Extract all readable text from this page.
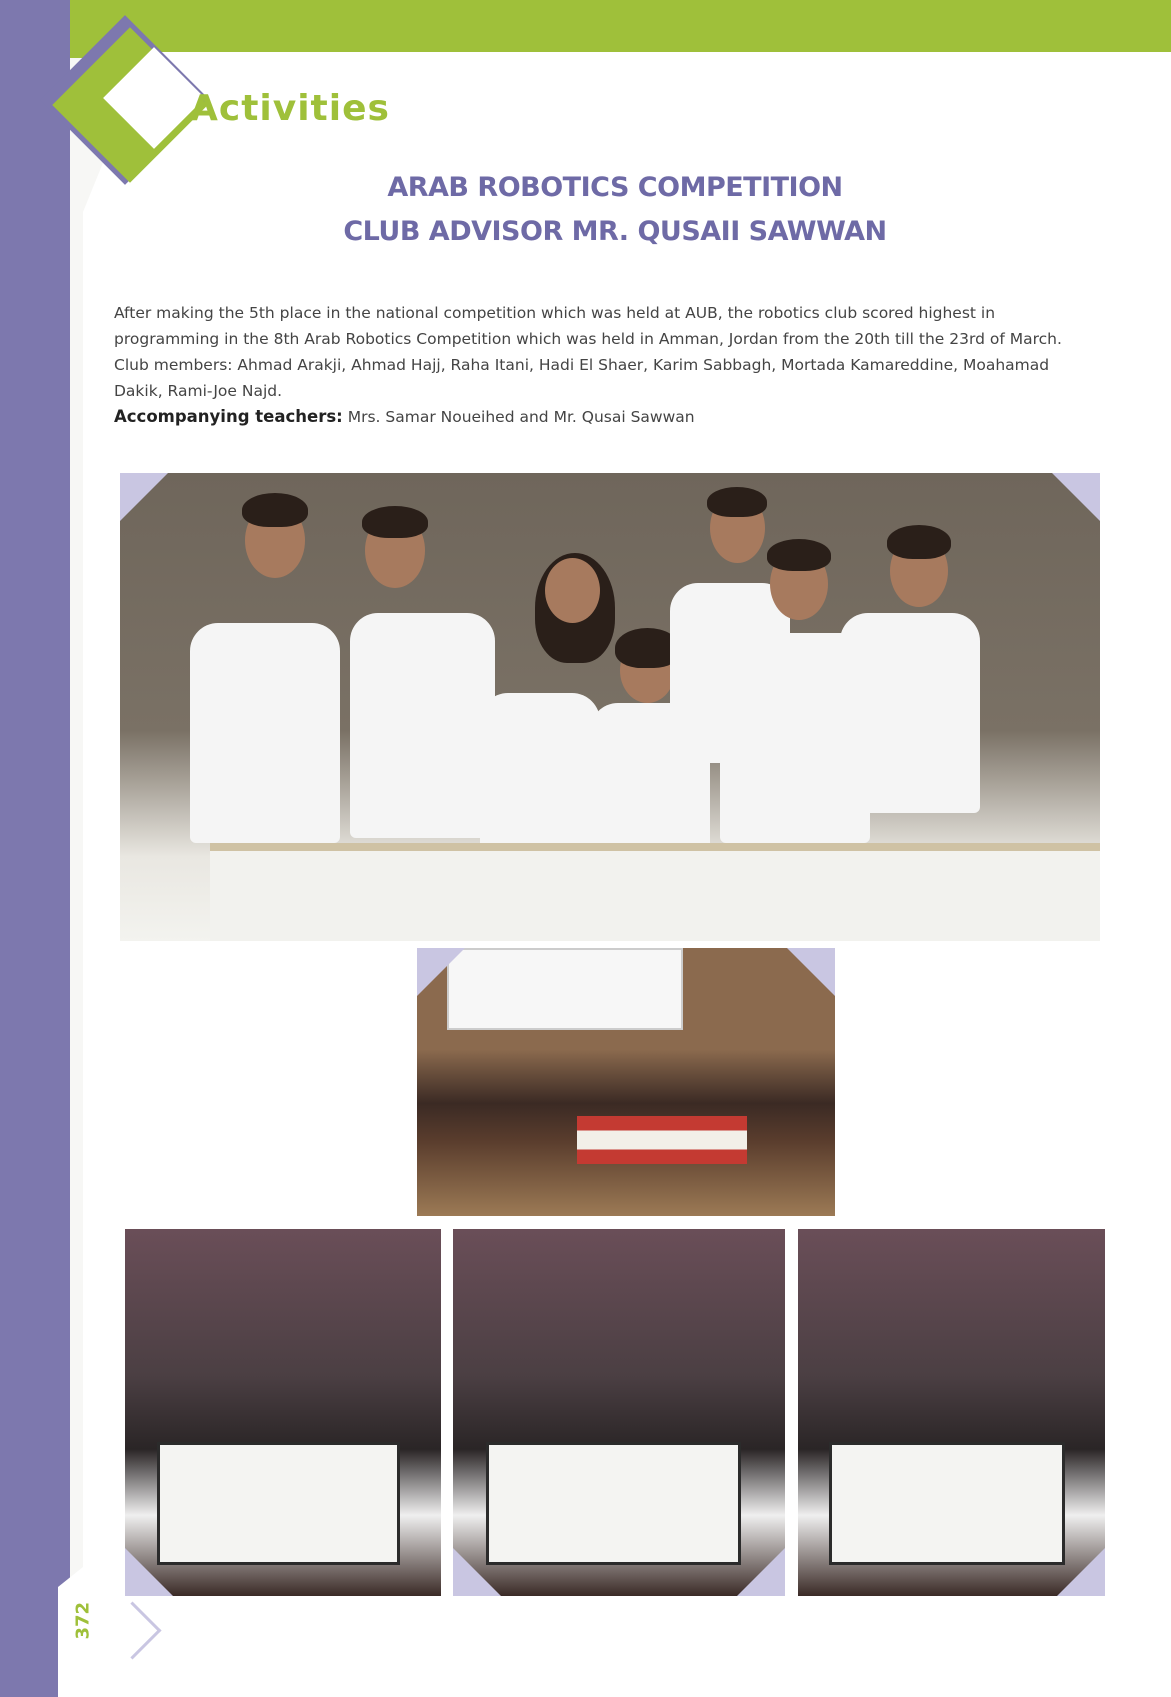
Activities
ARAB ROBOTICS COMPETITION
CLUB ADVISOR MR. QUSAII SAWWAN

After making the 5th place in the national competition which was held at AUB, the robotics club scored highest in programming in the 8th Arab Robotics Competition which was held in Amman, Jordan from the 20th till the 23rd of March.

Club members: Ahmad Arakji, Ahmad Hajj, Raha Itani, Hadi El Shaer, Karim Sabbagh, Mortada Kamareddine, Moahamad Dakik, Rami-Joe Najd.

Accompanying teachers: Mrs. Samar Noueihed and Mr. Qusai Sawwan

372
